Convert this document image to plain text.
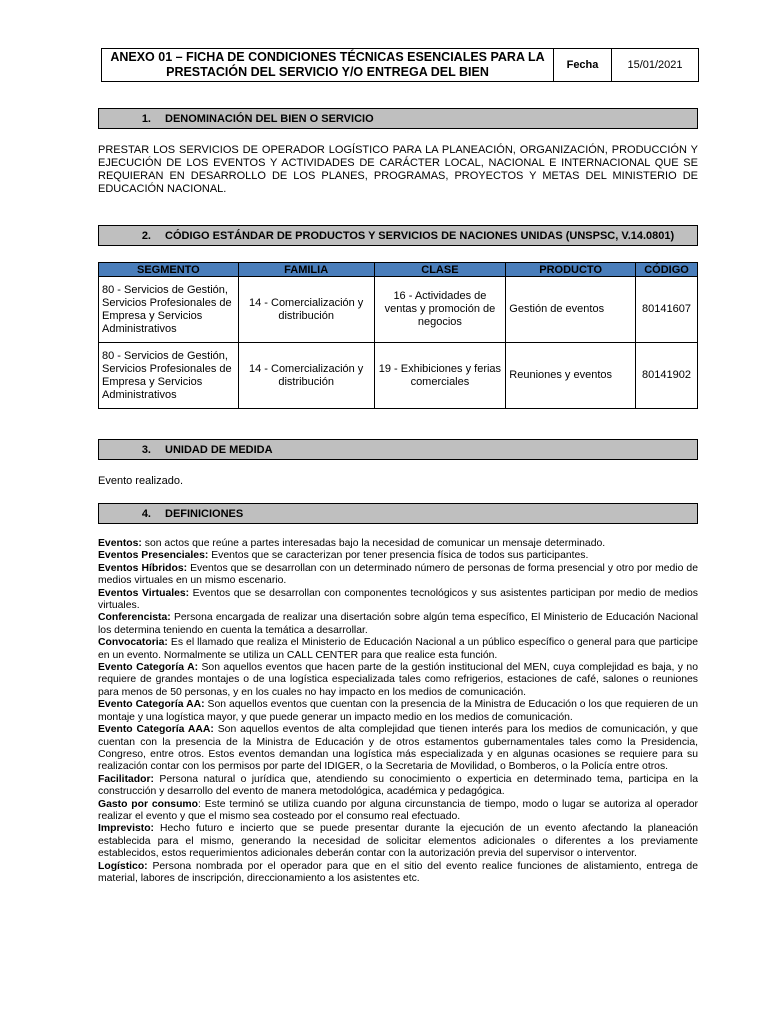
ANEXO 01 – FICHA DE CONDICIONES TÉCNICAS ESENCIALES PARA LA
PRESTACIÓN DEL SERVICIO Y/O ENTREGA DEL BIEN	Fecha	15/01/2021
1.	DENOMINACIÓN DEL BIEN O SERVICIO
PRESTAR LOS SERVICIOS DE OPERADOR LOGÍSTICO PARA LA PLANEACIÓN, ORGANIZACIÓN, PRODUCCIÓN Y EJECUCIÓN DE LOS EVENTOS Y ACTIVIDADES DE CARÁCTER LOCAL, NACIONAL E INTERNACIONAL QUE SE REQUIERAN EN DESARROLLO DE LOS PLANES, PROGRAMAS, PROYECTOS Y METAS DEL MINISTERIO DE EDUCACIÓN NACIONAL.
2.	CÓDIGO ESTÁNDAR DE PRODUCTOS Y SERVICIOS DE NACIONES UNIDAS (UNSPSC, V.14.0801)
SEGMENTO	FAMILIA	CLASE	PRODUCTO	CÓDIGO
80 - Servicios de Gestión, Servicios Profesionales de Empresa y Servicios Administrativos	14 - Comercialización y distribución	16 - Actividades de ventas y promoción de negocios	Gestión de eventos	80141607
80 - Servicios de Gestión, Servicios Profesionales de Empresa y Servicios Administrativos	14 - Comercialización y distribución	19 - Exhibiciones y ferias comerciales	Reuniones y eventos	80141902
3.	UNIDAD DE MEDIDA
Evento realizado.
4.	DEFINICIONES

Eventos: son actos que reúne a partes interesadas bajo la necesidad de comunicar un mensaje determinado.

Eventos Presenciales: Eventos que se caracterizan por tener presencia física de todos sus participantes.

Eventos Híbridos: Eventos que se desarrollan con un determinado número de personas de forma presencial y otro por medio de medios virtuales en un mismo escenario.

Eventos Virtuales: Eventos que se desarrollan con componentes tecnológicos y sus asistentes participan por medio de medios virtuales.

Conferencista: Persona encargada de realizar una disertación sobre algún tema específico, El Ministerio de Educación Nacional los determina teniendo en cuenta la temática a desarrollar.

Convocatoria: Es el llamado que realiza el Ministerio de Educación Nacional a un público específico o general para que participe en un evento. Normalmente se utiliza un CALL CENTER para que realice esta función.

Evento Categoría A: Son aquellos eventos que hacen parte de la gestión institucional del MEN, cuya complejidad es baja, y no requiere de grandes montajes o de una logística especializada tales como refrigerios, estaciones de café, salones o reuniones para menos de 50 personas, y en los cuales no hay impacto en los medios de comunicación.

Evento Categoría AA: Son aquellos eventos que cuentan con la presencia de la Ministra de Educación o los que requieren de un montaje y una logística mayor, y que puede generar un impacto medio en los medios de comunicación.

Evento Categoría AAA: Son aquellos eventos de alta complejidad que tienen interés para los medios de comunicación, y que cuentan con la presencia de la Ministra de Educación y de otros estamentos gubernamentales tales como la Presidencia, Congreso, entre otros. Estos eventos demandan una logística más especializada y en algunas ocasiones se requiere para su realización contar con los permisos por parte del IDIGER, o la Secretaria de Movilidad, o Bomberos, o la Policía entre otros.

Facilitador: Persona natural o jurídica que, atendiendo su conocimiento o experticia en determinado tema, participa en la construcción y desarrollo del evento de manera metodológica, académica y pedagógica.

Gasto por consumo: Este terminó se utiliza cuando por alguna circunstancia de tiempo, modo o lugar se autoriza al operador realizar el evento y que el mismo sea costeado por el consumo real efectuado.

Imprevisto: Hecho futuro e incierto que se puede presentar durante la ejecución de un evento afectando la planeación establecida para el mismo, generando la necesidad de solicitar elementos adicionales o diferentes a los previamente establecidos, estos requerimientos adicionales deberán contar con la autorización previa del supervisor o interventor.

Logístico: Persona nombrada por el operador para que en el sitio del evento realice funciones de alistamiento, entrega de material, labores de inscripción, direccionamiento a los asistentes etc.
